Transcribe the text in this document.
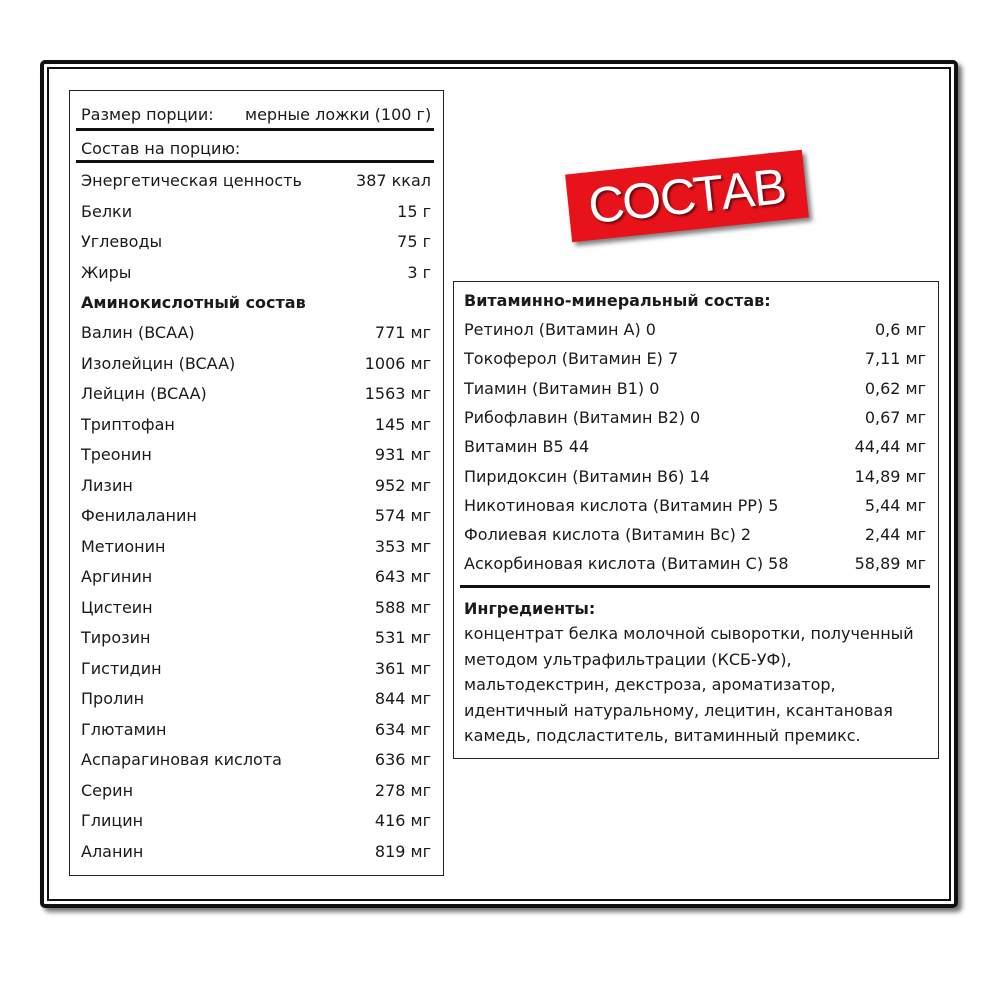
Размер порции: мерные ложки (100 г)
Состав на порцию:
Энергетическая ценность	387 ккал
Белки	15 г
Углеводы	75 г
Жиры	3 г
Аминокислотный состав
Валин (BCAA)	771 мг
Изолейцин (BCAA)	1006 мг
Лейцин (BCAA)	1563 мг
Триптофан	145 мг
Треонин	931 мг
Лизин	952 мг
Фенилаланин	574 мг
Метионин	353 мг
Аргинин	643 мг
Цистеин	588 мг
Тирозин	531 мг
Гистидин	361 мг
Пролин	844 мг
Глютамин	634 мг
Аспарагиновая кислота	636 мг
Серин	278 мг
Глицин	416 мг
Аланин	819 мг
СОСТАВ
Витаминно-минеральный состав:
Ретинол (Витамин А) 0	0,6 мг
Токоферол (Витамин Е) 7	7,11 мг
Тиамин (Витамин B1) 0	0,62 мг
Рибофлавин (Витамин B2) 0	0,67 мг
Витамин B5 44	44,44 мг
Пиридоксин (Витамин B6) 14	14,89 мг
Никотиновая кислота (Витамин PP) 5	5,44 мг
Фолиевая кислота (Витамин Bc) 2	2,44 мг
Аскорбиновая кислота (Витамин С) 58	58,89 мг
Ингредиенты:
концентрат белка молочной сыворотки, полученный методом ультрафильтрации (КСБ-УФ), мальтодекстрин, декстроза, ароматизатор, идентичный натуральному, лецитин, ксантановая камедь, подсластитель, витаминный премикс.
